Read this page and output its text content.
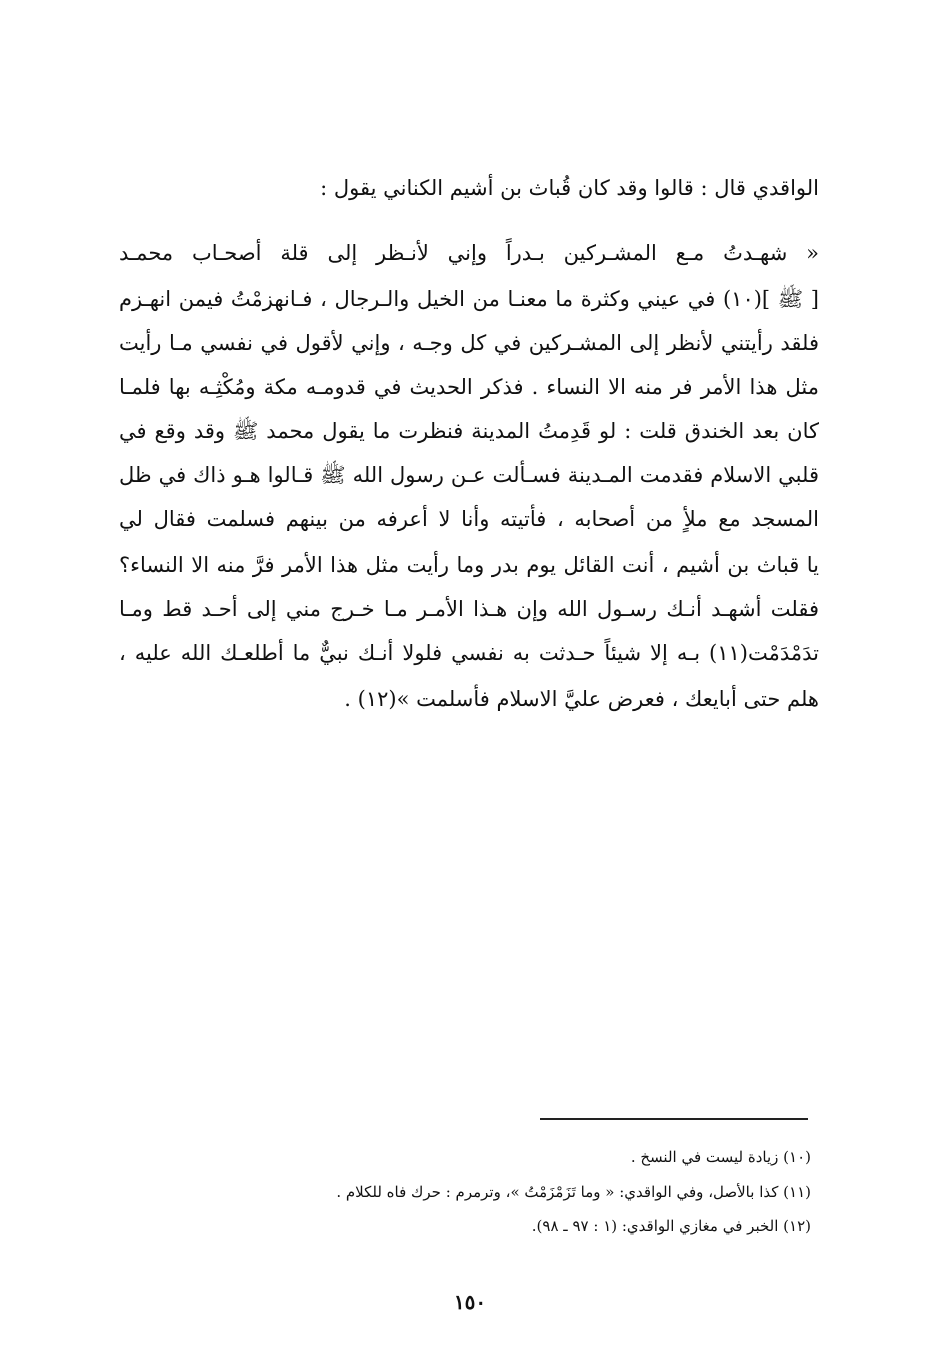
الواقدي قال : قالوا وقد كان قُباث بن أشيم الكناني يقول :
« شهـدتُ مـع المشـركين بـدراً وإني لأنـظر إلى قلة أصحـاب محمـد
[ ﷺ ](١٠) في عيني وكثرة ما معنـا من الخيل والـرجال ، فـانهزمْتُ فيمن انهـزم
فلقد رأيتني لأنظر إلى المشـركين في كل وجـه ، وإني لأقول في نفسي مـا رأيت
مثل هذا الأمر فر منه الا النساء . فذكر الحديث في قدومـه مكة ومُكْثِـه بها فلمـا
كان بعد الخندق قلت : لو قَدِمتُ المدينة فنظرت ما يقول محمد ﷺ وقد وقع في
قلبي الاسلام فقدمت المـدينة فسـألت عـن رسول الله ﷺ قـالوا هـو ذاك في ظل
المسجد مع ملأٍ من أصحابه ، فأتيته وأنا لا أعرفه من بينهم فسلمت فقال لي
يا قباث بن أشيم ، أنت القائل يوم بدر وما رأيت مثل هذا الأمر فرَّ منه الا النساء؟
فقلت أشهـد أنـك رسـول الله وإن هـذا الأمـر مـا خـرج مني إلى أحـد قط ومـا
تدَمْدَمْت(١١) بـه إلا شيئاً حـدثت به نفسي فلولا أنـك نبيٌّ ما أطلعـك الله عليه ،
هلم حتى أبايعك ، فعرض عليَّ الاسلام فأسلمت »(١٢) .
(١٠) زيادة ليست في النسخ .
(١١) كذا بالأصل، وفي الواقدي: « وما تَزَمْزَمْتُ »، وترمرم : حرك فاه للكلام .
(١٢) الخبر في مغازي الواقدي: (١ : ٩٧ ـ ٩٨).
١٥٠
